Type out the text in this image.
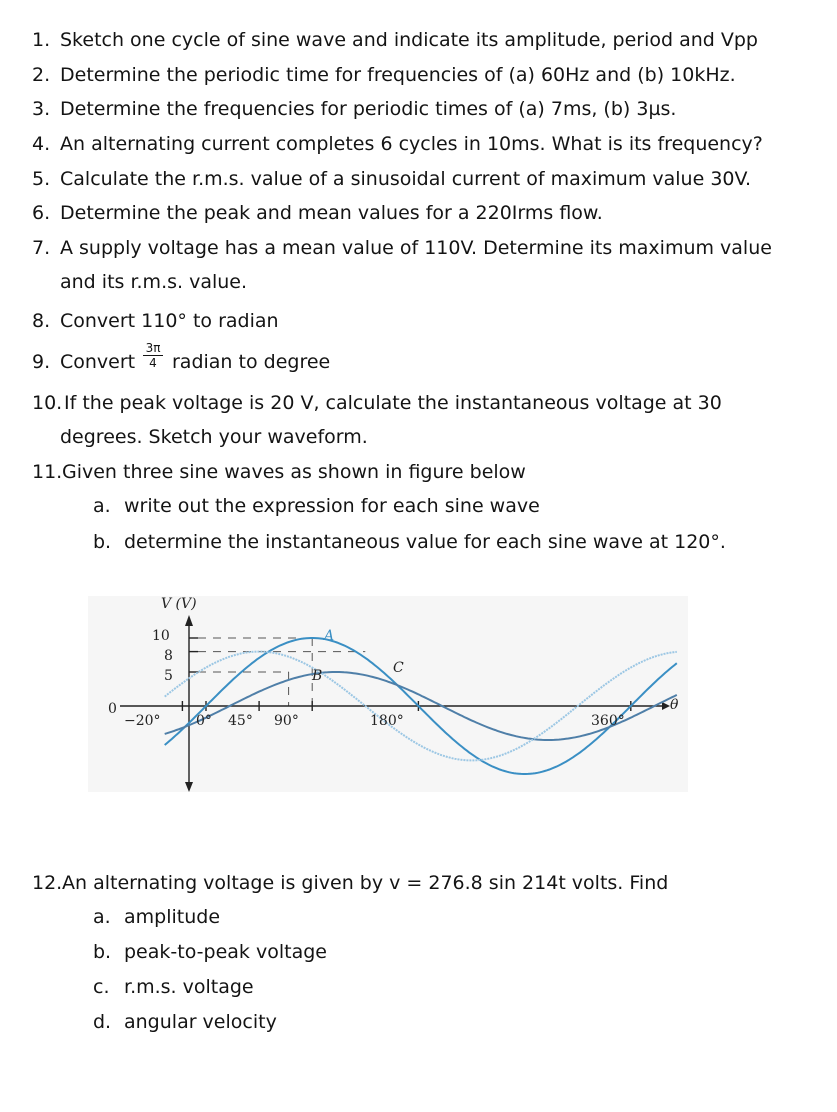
1. Sketch one cycle of sine wave and indicate its amplitude, period and Vpp
2. Determine the periodic time for frequencies of (a) 60Hz and (b) 10kHz.
3. Determine the frequencies for periodic times of (a) 7ms, (b) 3µs.
4. An alternating current completes 6 cycles in 10ms. What is its frequency?
5. Calculate the r.m.s. value of a sinusoidal current of maximum value 30V.
6. Determine the peak and mean values for a 220Irms flow.
7. A supply voltage has a mean value of 110V. Determine its maximum value
and its r.m.s. value.
8. Convert 110° to radian
9. Convert
3π
4 radian to degree
10. If the peak voltage is 20 V, calculate the instantaneous voltage at 30
degrees. Sketch your waveform.
11. Given three sine waves as shown in figure below
a. write out the expression for each sine wave
b. determine the instantaneous value for each sine wave at 120°.
12. An alternating voltage is given by v = 276.8 sin 214t volts. Find
a. amplitude
b. peak-to-peak voltage
c. r.m.s. voltage
d. angular velocity
V (V)
0	θ
10
8
5
−20°	0° 45° 90°	180°	360°
A
B	C
